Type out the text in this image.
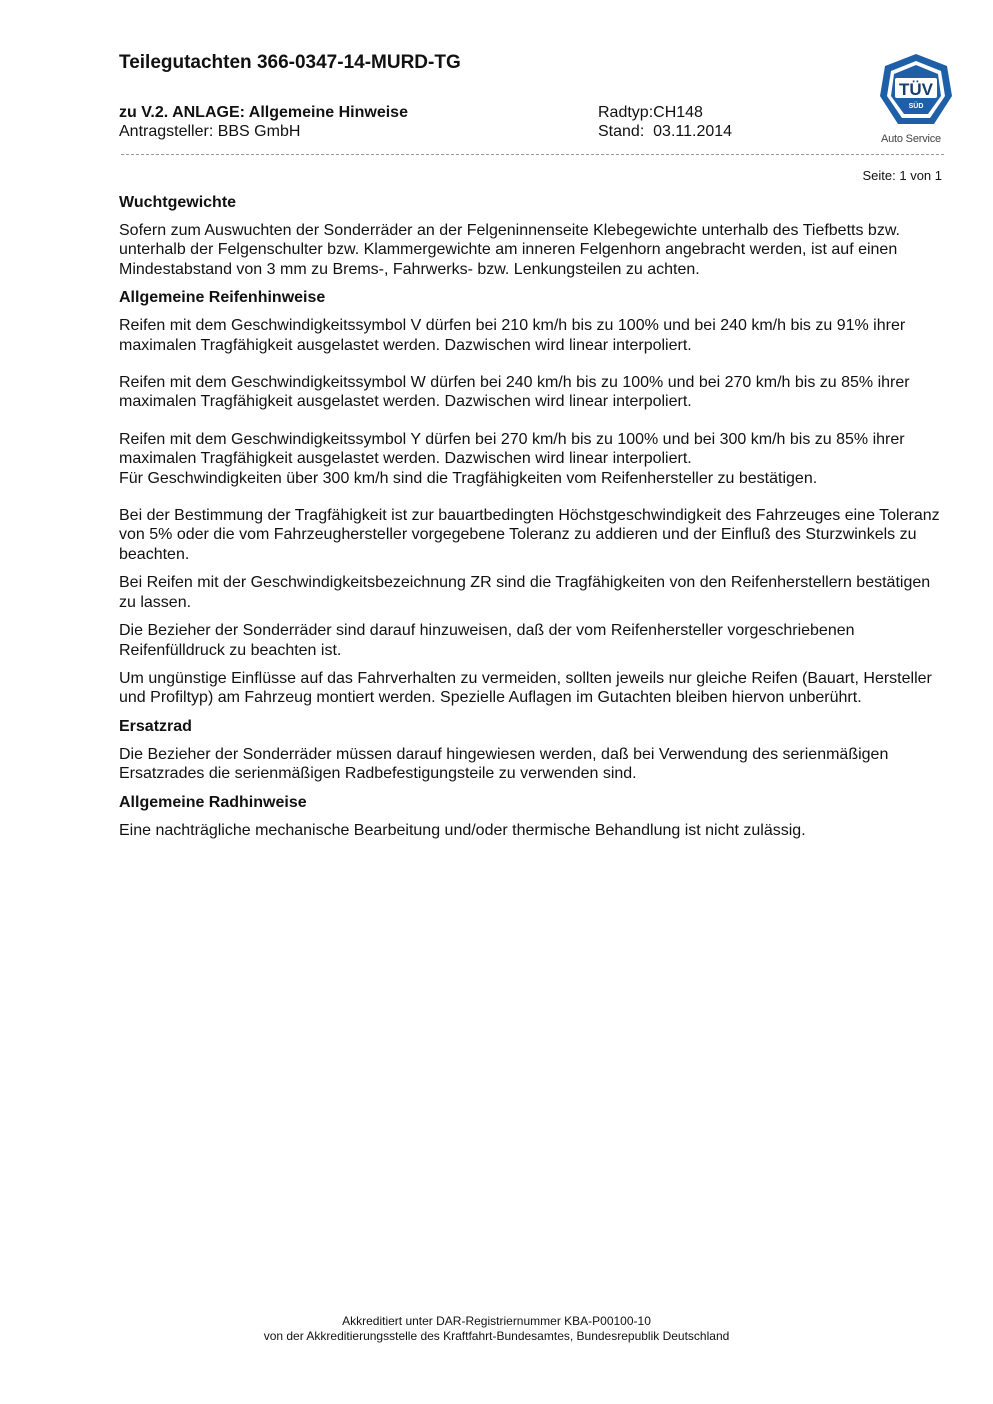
Teilegutachten 366-0347-14-MURD-TG
zu V.2. ANLAGE: Allgemeine Hinweise
Antragsteller: BBS GmbH
Radtyp:CH148
Stand: 03.11.2014
TÜV
SÜD
Auto Service
Seite: 1 von 1
Wuchtgewichte

Sofern zum Auswuchten der Sonderräder an der Felgeninnenseite Klebegewichte unterhalb des Tiefbetts bzw. unterhalb der Felgenschulter bzw. Klammergewichte am inneren Felgenhorn angebracht werden, ist auf einen Mindestabstand von 3 mm zu Brems-, Fahrwerks- bzw. Lenkungsteilen zu achten.

Allgemeine Reifenhinweise

Reifen mit dem Geschwindigkeitssymbol V dürfen bei 210 km/h bis zu 100% und bei 240 km/h bis zu 91% ihrer maximalen Tragfähigkeit ausgelastet werden. Dazwischen wird linear interpoliert.

Reifen mit dem Geschwindigkeitssymbol W dürfen bei 240 km/h bis zu 100% und bei 270 km/h bis zu 85% ihrer maximalen Tragfähigkeit ausgelastet werden. Dazwischen wird linear interpoliert.

Reifen mit dem Geschwindigkeitssymbol Y dürfen bei 270 km/h bis zu 100% und bei 300 km/h bis zu 85% ihrer maximalen Tragfähigkeit ausgelastet werden. Dazwischen wird linear interpoliert.

Für Geschwindigkeiten über 300 km/h sind die Tragfähigkeiten vom Reifenhersteller zu bestätigen.

Bei der Bestimmung der Tragfähigkeit ist zur bauartbedingten Höchstgeschwindigkeit des Fahrzeuges eine Toleranz von 5% oder die vom Fahrzeughersteller vorgegebene Toleranz zu addieren und der Einfluß des Sturzwinkels zu beachten.

Bei Reifen mit der Geschwindigkeitsbezeichnung ZR sind die Tragfähigkeiten von den Reifenherstellern bestätigen zu lassen.

Die Bezieher der Sonderräder sind darauf hinzuweisen, daß der vom Reifenhersteller vorgeschriebenen Reifenfülldruck zu beachten ist.

Um ungünstige Einflüsse auf das Fahrverhalten zu vermeiden, sollten jeweils nur gleiche Reifen (Bauart, Hersteller und Profiltyp) am Fahrzeug montiert werden. Spezielle Auflagen im Gutachten bleiben hiervon unberührt.

Ersatzrad

Die Bezieher der Sonderräder müssen darauf hingewiesen werden, daß bei Verwendung des serienmäßigen Ersatzrades die serienmäßigen Radbefestigungsteile zu verwenden sind.

Allgemeine Radhinweise

Eine nachträgliche mechanische Bearbeitung und/oder thermische Behandlung ist nicht zulässig.

Akkreditiert unter DAR-Registriernummer KBA-P00100-10
von der Akkreditierungsstelle des Kraftfahrt-Bundesamtes, Bundesrepublik Deutschland
